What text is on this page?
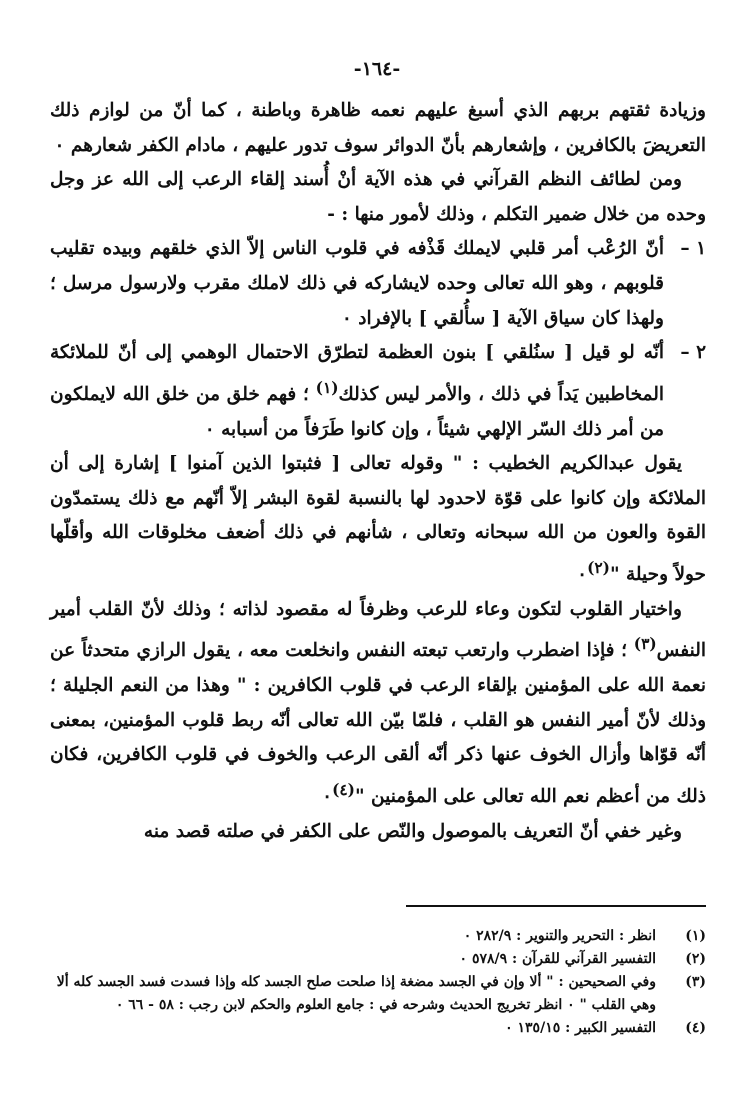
-١٦٤-

وزيادة ثقتهم بربهم الذي أسبغ عليهم نعمه ظاهرة وباطنة ، كما أنّ من لوازم ذلك التعريضَ بالكافرين ، وإشعارهم بأنّ الدوائر سوف تدور عليهم ، مادام الكفر شعارهم ٠

ومن لطائف النظم القرآني في هذه الآية أنْ أُسند إلقاء الرعب إلى الله عز وجل وحده من خلال ضمير التكلم ، وذلك لأمور منها : -

١ –
أنّ الرُعْب أمر قلبي لايملك قَذْفه في قلوب الناس إلاّ الذي خلقهم وبيده تقليب قلوبهم ، وهو الله تعالى وحده لايشاركه في ذلك لاملك مقرب ولارسول مرسل ؛ ولهذا كان سياق الآية [ سأُلقي ] بالإفراد ٠
٢ –
أنّه لو قيل [ سنُلقي ] بنون العظمة لتطرّق الاحتمال الوهمي إلى أنّ للملائكة المخاطبين يَداً في ذلك ، والأمر ليس كذلك$^{(١)}$ ؛ فهم خلق من خلق الله لايملكون من أمر ذلك السّر الإلهي شيئاً ، وإن كانوا طَرَفاً من أسبابه ٠

يقول عبدالكريم الخطيب : " وقوله تعالى [ فثبتوا الذين آمنوا ] إشارة إلى أن الملائكة وإن كانوا على قوّة لاحدود لها بالنسبة لقوة البشر إلاّ أنّهم مع ذلك يستمدّون القوة والعون من الله سبحانه وتعالى ، شأنهم في ذلك أضعف مخلوقات الله وأقلّها حولاً وحيلة "$^{(٢)}$٠

واختيار القلوب لتكون وعاء للرعب وظرفاً له مقصود لذاته ؛ وذلك لأنّ القلب أمير النفس$^{(٣)}$ ؛ فإذا اضطرب وارتعب تبعته النفس وانخلعت معه ، يقول الرازي متحدثاً عن نعمة الله على المؤمنين بإلقاء الرعب في قلوب الكافرين : " وهذا من النعم الجليلة ؛ وذلك لأنّ أمير النفس هو القلب ، فلمّا بيّن الله تعالى أنّه ربط قلوب المؤمنين، بمعنى أنّه قوّاها وأزال الخوف عنها ذكر أنّه ألقى الرعب والخوف في قلوب الكافرين، فكان ذلك من أعظم نعم الله تعالى على المؤمنين "$^{(٤)}$٠

وغير خفي أنّ التعريف بالموصول والنّص على الكفر في صلته قصد منه

(١)
انظر : التحرير والتنوير : ٢٨٢/٩ ٠
(٢)
التفسير القرآني للقرآن : ٥٧٨/٩ ٠
(٣)
وفي الصحيحين : " ألا وإن في الجسد مضغة إذا صلحت صلح الجسد كله وإذا فسدت فسد الجسد كله ألا وهي القلب " ٠ انظر تخريج الحديث وشرحه في : جامع العلوم والحكم لابن رجب : ٥٨ - ٦٦ ٠
(٤)
التفسير الكبير : ١٣٥/١٥ ٠
